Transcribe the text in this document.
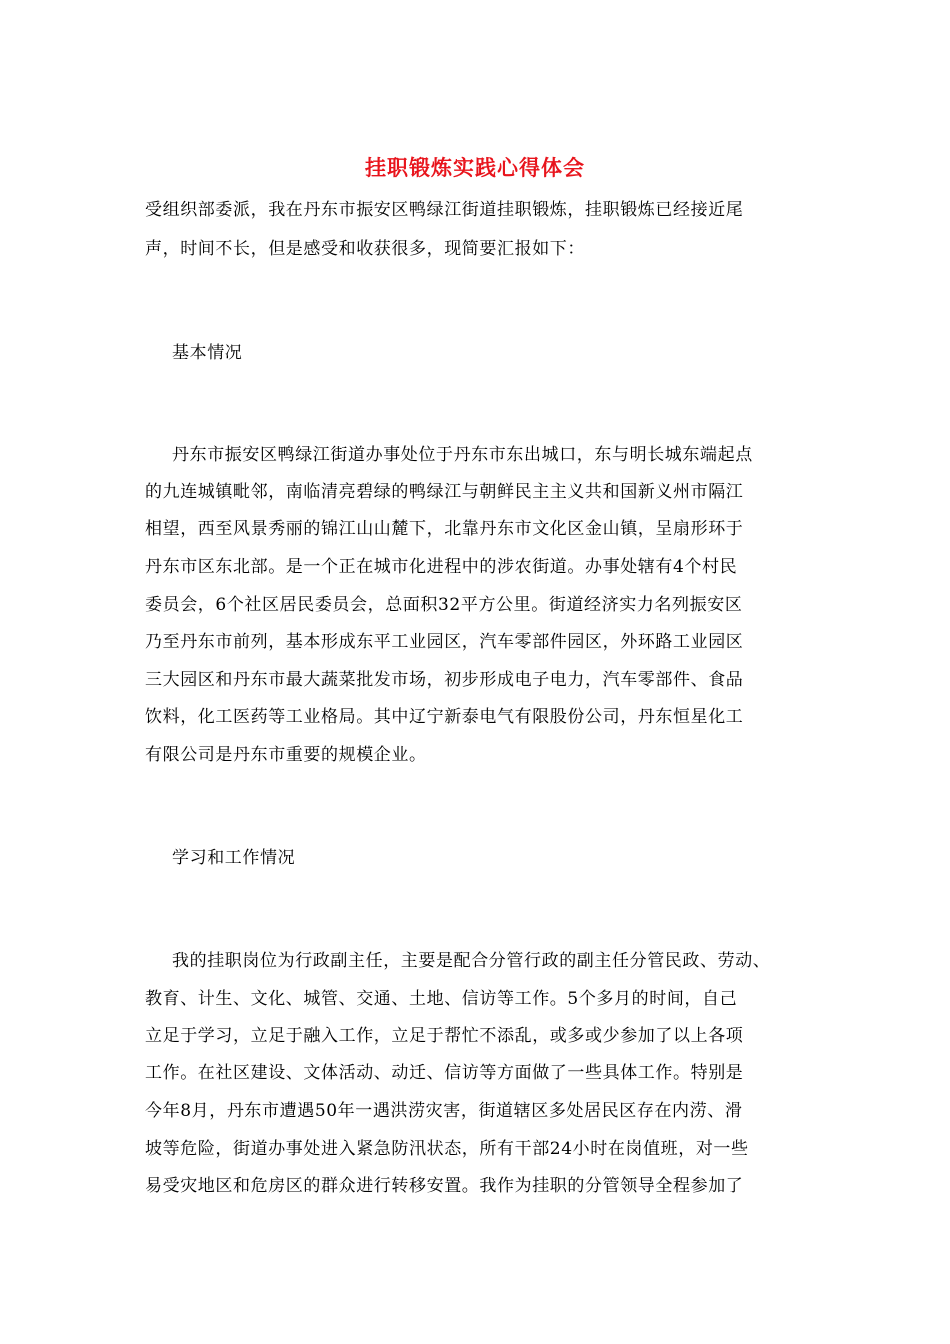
挂职锻炼实践心得体会
受组织部委派，我在丹东市振安区鸭绿江街道挂职锻炼，挂职锻炼已经接近尾
声，时间不长，但是感受和收获很多，现简要汇报如下：
基本情况
丹东市振安区鸭绿江街道办事处位于丹东市东出城口，东与明长城东端起点
的九连城镇毗邻，南临清亮碧绿的鸭绿江与朝鲜民主主义共和国新义州市隔江
相望，西至风景秀丽的锦江山山麓下，北靠丹东市文化区金山镇，呈扇形环于
丹东市区东北部。是一个正在城市化进程中的涉农街道。办事处辖有4个村民
委员会，6个社区居民委员会，总面积32平方公里。街道经济实力名列振安区
乃至丹东市前列，基本形成东平工业园区，汽车零部件园区，外环路工业园区
三大园区和丹东市最大蔬菜批发市场，初步形成电子电力，汽车零部件、食品
饮料，化工医药等工业格局。其中辽宁新泰电气有限股份公司，丹东恒星化工
有限公司是丹东市重要的规模企业。
学习和工作情况
我的挂职岗位为行政副主任，主要是配合分管行政的副主任分管民政、劳动、
教育、计生、文化、城管、交通、土地、信访等工作。5个多月的时间，自己
立足于学习，立足于融入工作，立足于帮忙不添乱，或多或少参加了以上各项
工作。在社区建设、文体活动、动迁、信访等方面做了一些具体工作。特别是
今年8月，丹东市遭遇50年一遇洪涝灾害，街道辖区多处居民区存在内涝、滑
坡等危险，街道办事处进入紧急防汛状态，所有干部24小时在岗值班，对一些
易受灾地区和危房区的群众进行转移安置。我作为挂职的分管领导全程参加了
